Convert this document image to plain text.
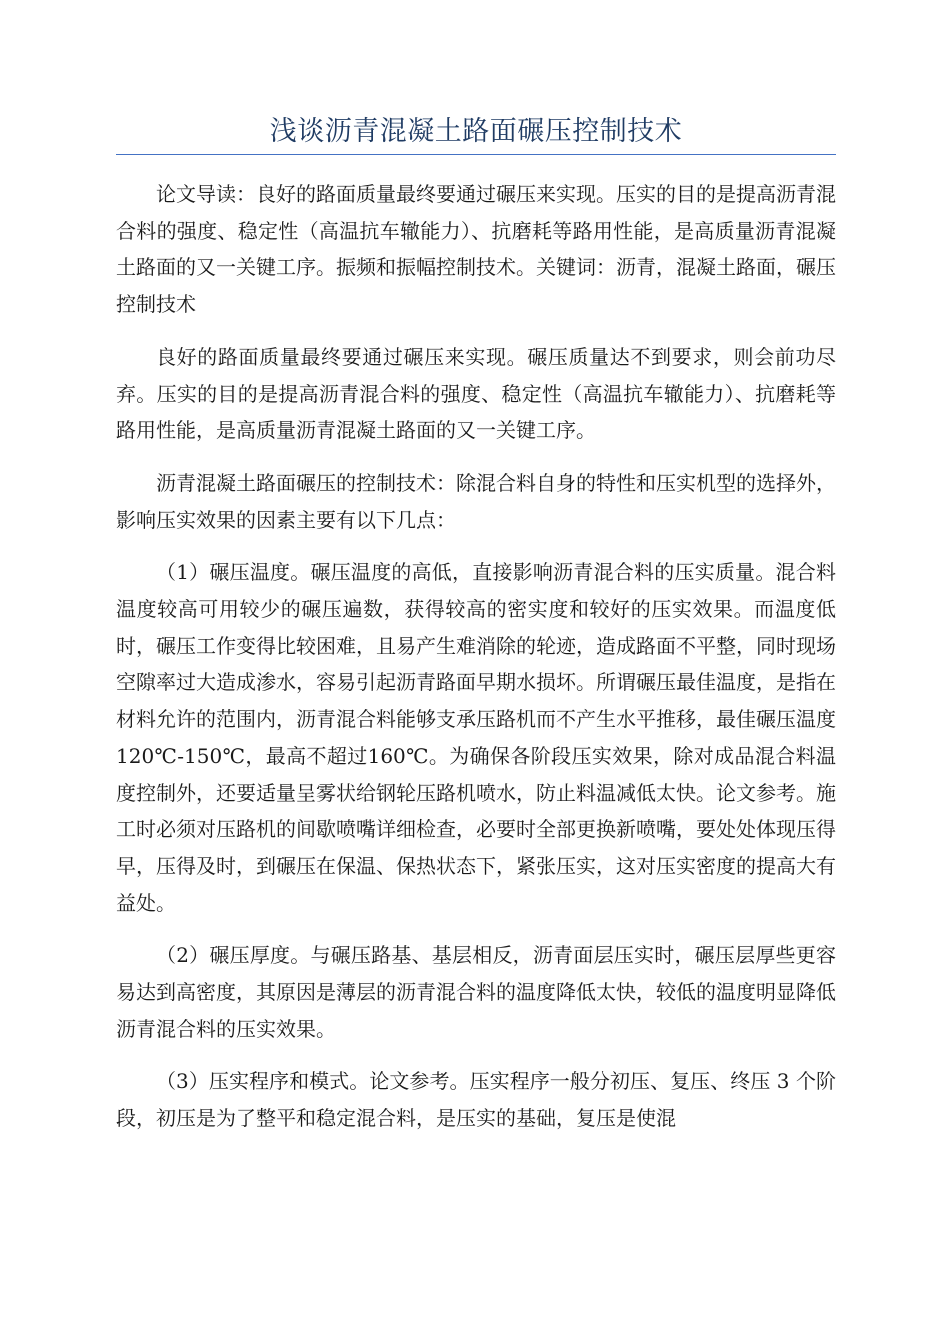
浅谈沥青混凝土路面碾压控制技术

论文导读：良好的路面质量最终要通过碾压来实现。压实的目的是提高沥青混合料的强度、稳定性（高温抗车辙能力）、抗磨耗等路用性能，是高质量沥青混凝土路面的又一关键工序。振频和振幅控制技术。关键词：沥青，混凝土路面，碾压控制技术

良好的路面质量最终要通过碾压来实现。碾压质量达不到要求，则会前功尽弃。压实的目的是提高沥青混合料的强度、稳定性（高温抗车辙能力）、抗磨耗等路用性能，是高质量沥青混凝土路面的又一关键工序。

沥青混凝土路面碾压的控制技术：除混合料自身的特性和压实机型的选择外，影响压实效果的因素主要有以下几点：

（1）碾压温度。碾压温度的高低，直接影响沥青混合料的压实质量。混合料温度较高可用较少的碾压遍数，获得较高的密实度和较好的压实效果。而温度低时，碾压工作变得比较困难，且易产生难消除的轮迹，造成路面不平整，同时现场空隙率过大造成渗水，容易引起沥青路面早期水损坏。所谓碾压最佳温度，是指在材料允许的范围内，沥青混合料能够支承压路机而不产生水平推移，最佳碾压温度 120℃-150℃，最高不超过160℃。为确保各阶段压实效果，除对成品混合料温度控制外，还要适量呈雾状给钢轮压路机喷水，防止料温减低太快。论文参考。施工时必须对压路机的间歇喷嘴详细检查，必要时全部更换新喷嘴，要处处体现压得早，压得及时，到碾压在保温、保热状态下，紧张压实，这对压实密度的提高大有益处。

（2）碾压厚度。与碾压路基、基层相反，沥青面层压实时，碾压层厚些更容易达到高密度，其原因是薄层的沥青混合料的温度降低太快，较低的温度明显降低沥青混合料的压实效果。

（3）压实程序和模式。论文参考。压实程序一般分初压、复压、终压 3 个阶段，初压是为了整平和稳定混合料，是压实的基础，复压是使混
